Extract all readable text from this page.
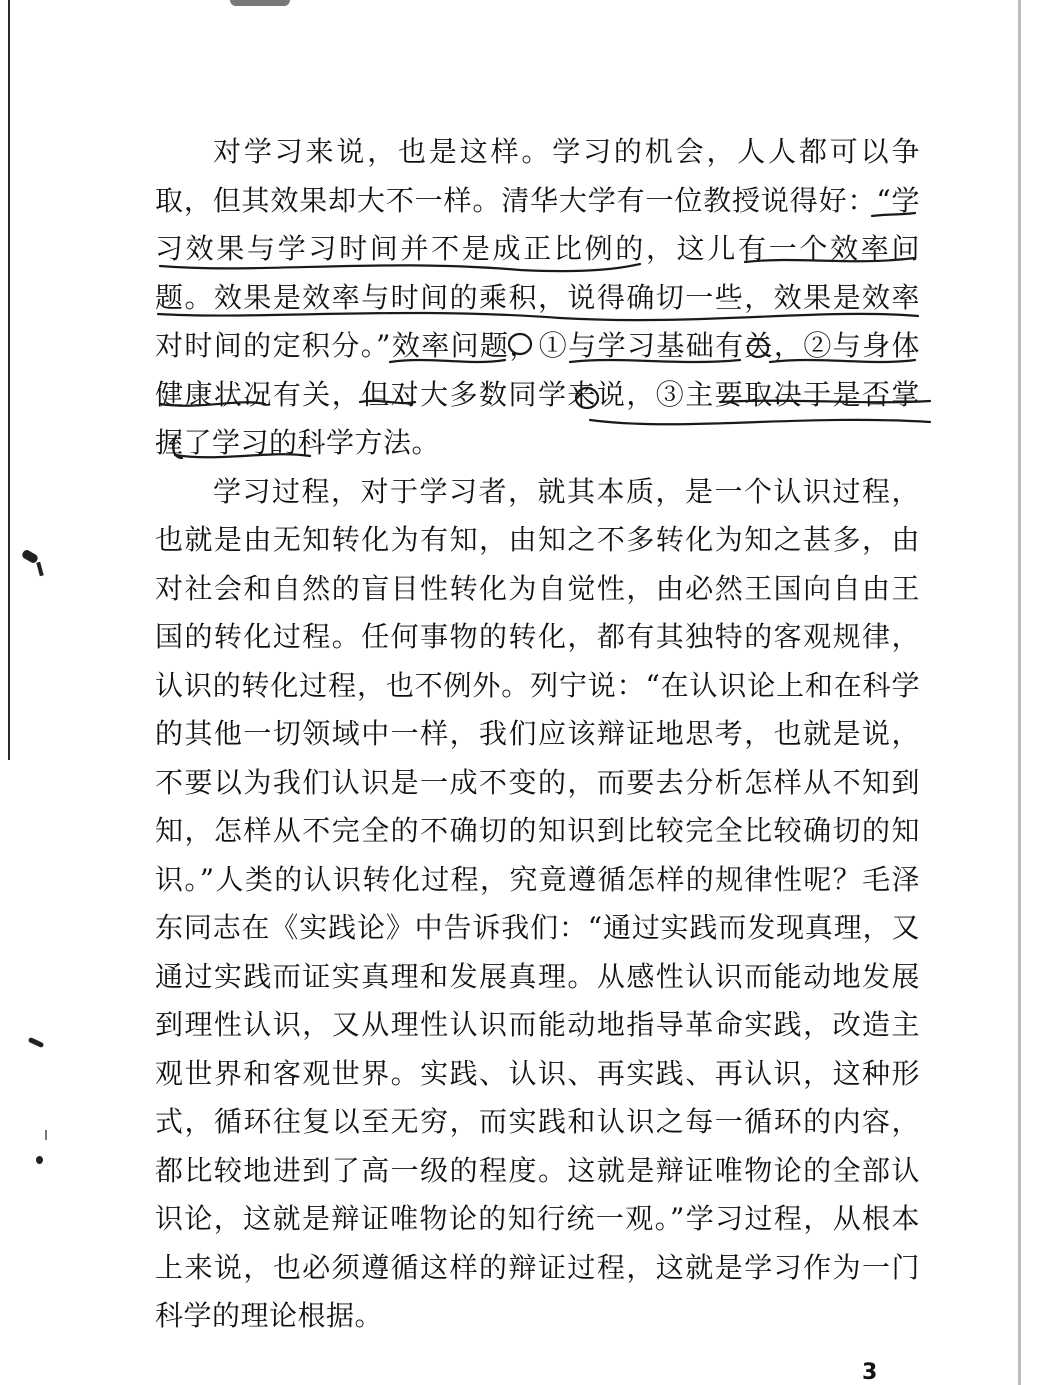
对学习来说，也是这样。学习的机会，人人都可以争取，但其效果却大不一样。清华大学有一位教授说得好：“学习效果与学习时间并不是成正比例的，这儿有一个效率问题。效果是效率与时间的乘积，说得确切一些，效果是效率对时间的定积分。”效率问题，①与学习基础有关，②与身体健康状况有关，但对大多数同学来说，③主要取决于是否掌握了学习的科学方法。

学习过程，对于学习者，就其本质，是一个认识过程，也就是由无知转化为有知，由知之不多转化为知之甚多，由对社会和自然的盲目性转化为自觉性，由必然王国向自由王国的转化过程。任何事物的转化，都有其独特的客观规律，认识的转化过程，也不例外。列宁说：“在认识论上和在科学的其他一切领域中一样，我们应该辩证地思考，也就是说，不要以为我们认识是一成不变的，而要去分析怎样从不知到知，怎样从不完全的不确切的知识到比较完全比较确切的知识。”人类的认识转化过程，究竟遵循怎样的规律性呢？毛泽东同志在《实践论》中告诉我们：“通过实践而发现真理，又通过实践而证实真理和发展真理。从感性认识而能动地发展到理性认识，又从理性认识而能动地指导革命实践，改造主观世界和客观世界。实践、认识、再实践、再认识，这种形式，循环往复以至无穷，而实践和认识之每一循环的内容，都比较地进到了高一级的程度。这就是辩证唯物论的全部认识论，这就是辩证唯物论的知行统一观。”学习过程，从根本上来说，也必须遵循这样的辩证过程，这就是学习作为一门科学的理论根据。

3
